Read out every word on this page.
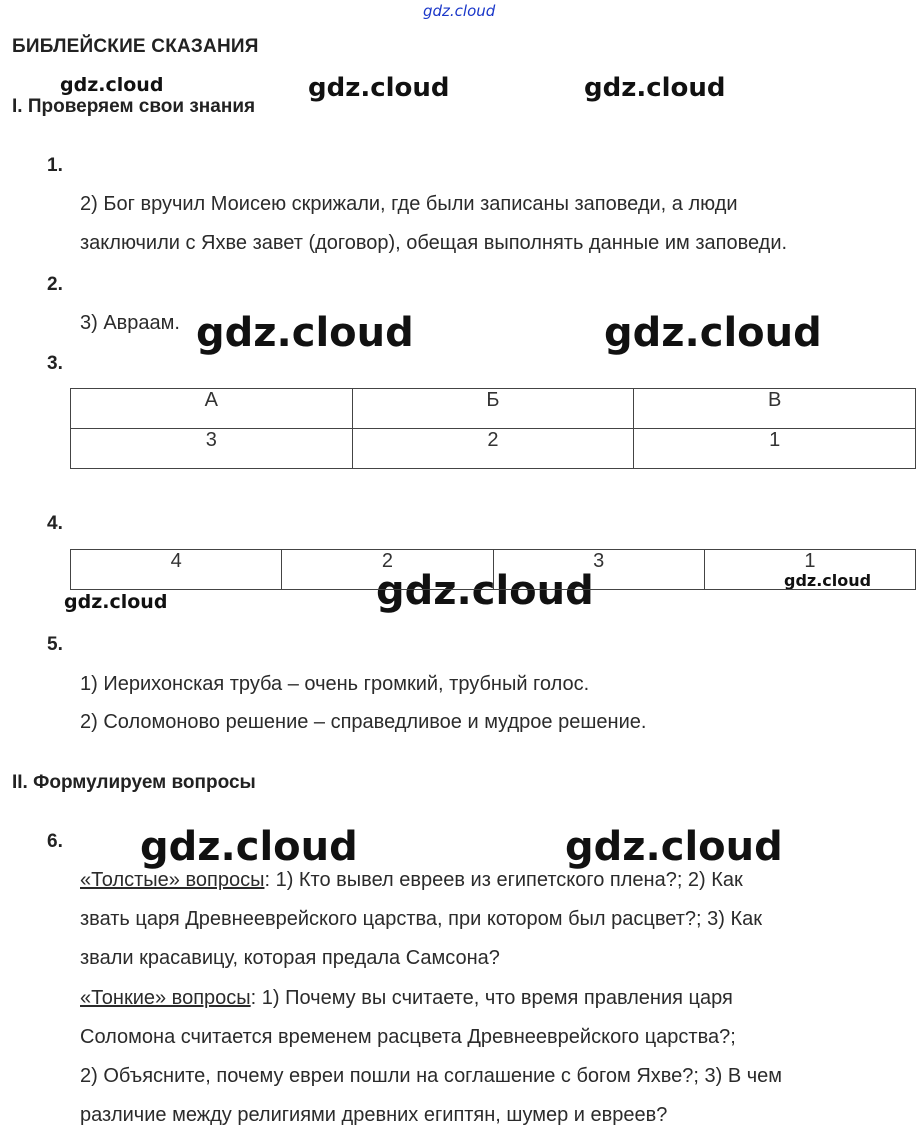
gdz.cloud
gdz.cloud	gdz.cloud	gdz.cloud
gdz.cloud	gdz.cloud
gdz.cloud
gdz.cloud
gdz.cloud
gdz.cloud	gdz.cloud
БИБЛЕЙСКИЕ СКАЗАНИЯ
I. Проверяем свои знания
1.
2) Бог вручил Моисею скрижали, где были записаны заповеди, а люди
заключили с Яхве завет (договор), обещая выполнять данные им заповеди.
2.
3) Авраам.
3.
А	Б	В
3	2	1
4.
4	2	3	1
5.
1) Иерихонская труба – очень громкий, трубный голос.
2) Соломоново решение – справедливое и мудрое решение.
II. Формулируем вопросы
6.
«Толстые» вопросы: 1) Кто вывел евреев из египетского плена?; 2) Как
звать царя Древнееврейского царства, при котором был расцвет?; 3) Как
звали красавицу, которая предала Самсона?
«Тонкие» вопросы: 1) Почему вы считаете, что время правления царя
Соломона считается временем расцвета Древнееврейского царства?;
2) Объясните, почему евреи пошли на соглашение с богом Яхве?; 3) В чем
различие между религиями древних египтян, шумер и евреев?
